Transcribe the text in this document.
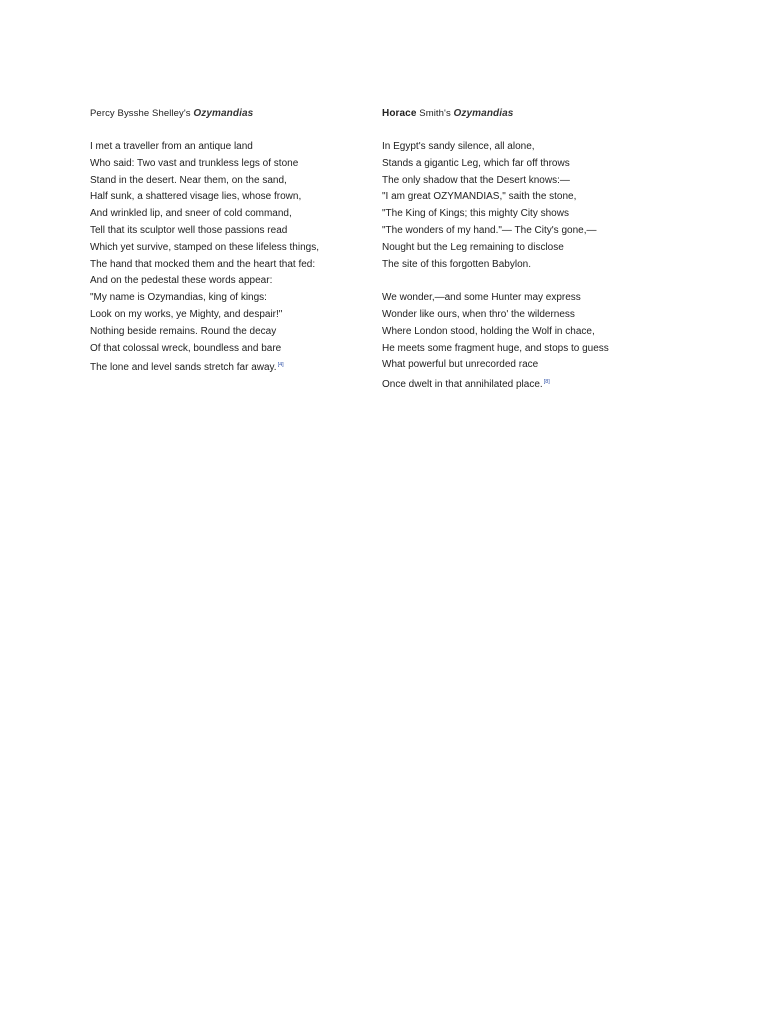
Percy Bysshe Shelley's Ozymandias
I met a traveller from an antique land
Who said: Two vast and trunkless legs of stone
Stand in the desert. Near them, on the sand,
Half sunk, a shattered visage lies, whose frown,
And wrinkled lip, and sneer of cold command,
Tell that its sculptor well those passions read
Which yet survive, stamped on these lifeless things,
The hand that mocked them and the heart that fed:
And on the pedestal these words appear:
"My name is Ozymandias, king of kings:
Look on my works, ye Mighty, and despair!"
Nothing beside remains. Round the decay
Of that colossal wreck, boundless and bare
The lone and level sands stretch far away.[4]
Horace Smith's Ozymandias
In Egypt's sandy silence, all alone,
Stands a gigantic Leg, which far off throws
The only shadow that the Desert knows:—
"I am great OZYMANDIAS," saith the stone,
"The King of Kings; this mighty City shows
"The wonders of my hand."— The City's gone,—
Nought but the Leg remaining to disclose
The site of this forgotten Babylon.
We wonder,—and some Hunter may express
Wonder like ours, when thro' the wilderness
Where London stood, holding the Wolf in chace,
He meets some fragment huge, and stops to guess
What powerful but unrecorded race
Once dwelt in that annihilated place.[8]
